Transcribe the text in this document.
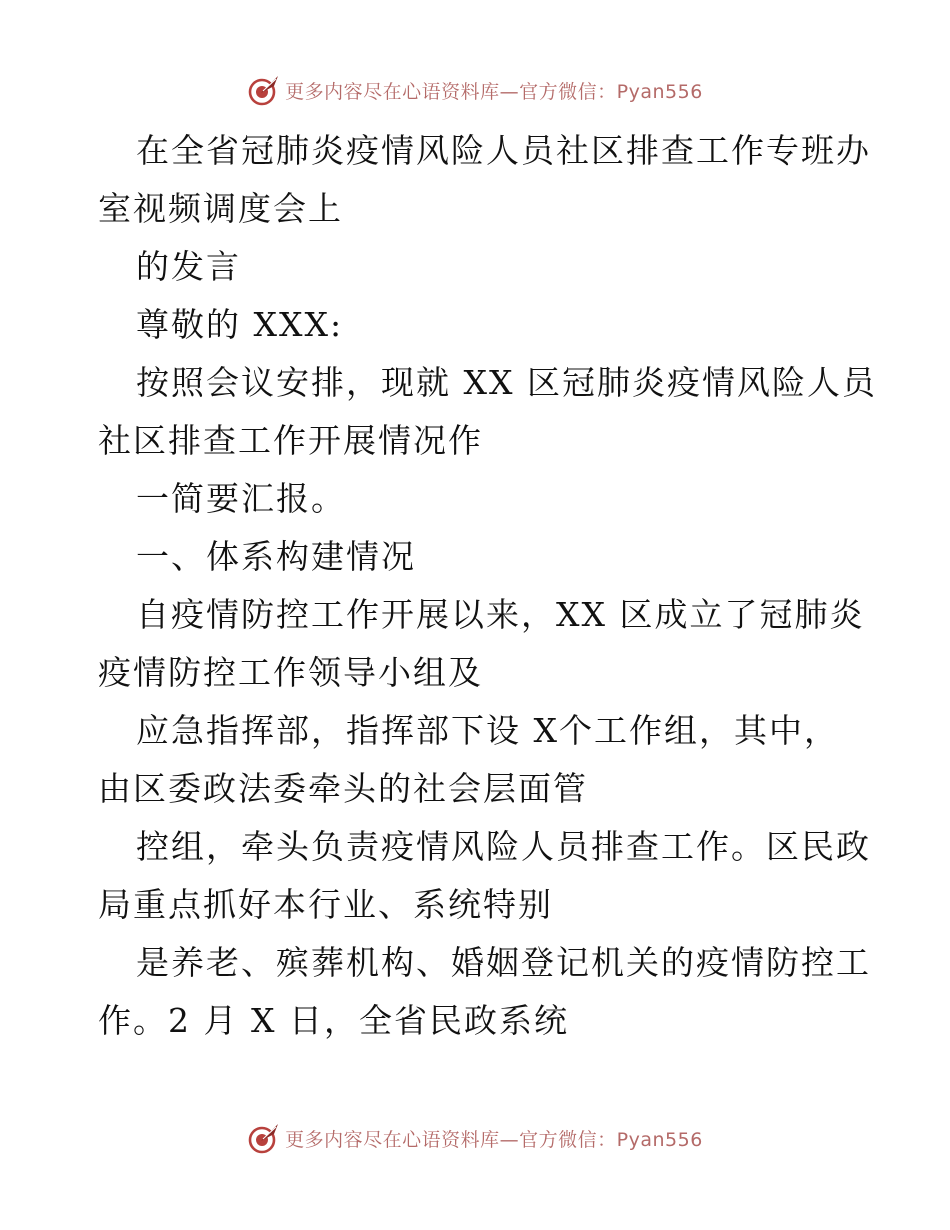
更多内容尽在心语资料库—官方微信：Pyan556
在全省冠肺炎疫情风险人员社区排查工作专班办
室视频调度会上
的发言
尊敬的 XXX:
按照会议安排，现就 XX 区冠肺炎疫情风险人员
社区排查工作开展情况作
一简要汇报。
一、体系构建情况
自疫情防控工作开展以来，XX 区成立了冠肺炎
疫情防控工作领导小组及
应急指挥部，指挥部下设 X个工作组，其中，
由区委政法委牵头的社会层面管
控组，牵头负责疫情风险人员排查工作。区民政
局重点抓好本行业、系统特别
是养老、殡葬机构、婚姻登记机关的疫情防控工
作。2 月 X 日，全省民政系统
更多内容尽在心语资料库—官方微信：Pyan556
